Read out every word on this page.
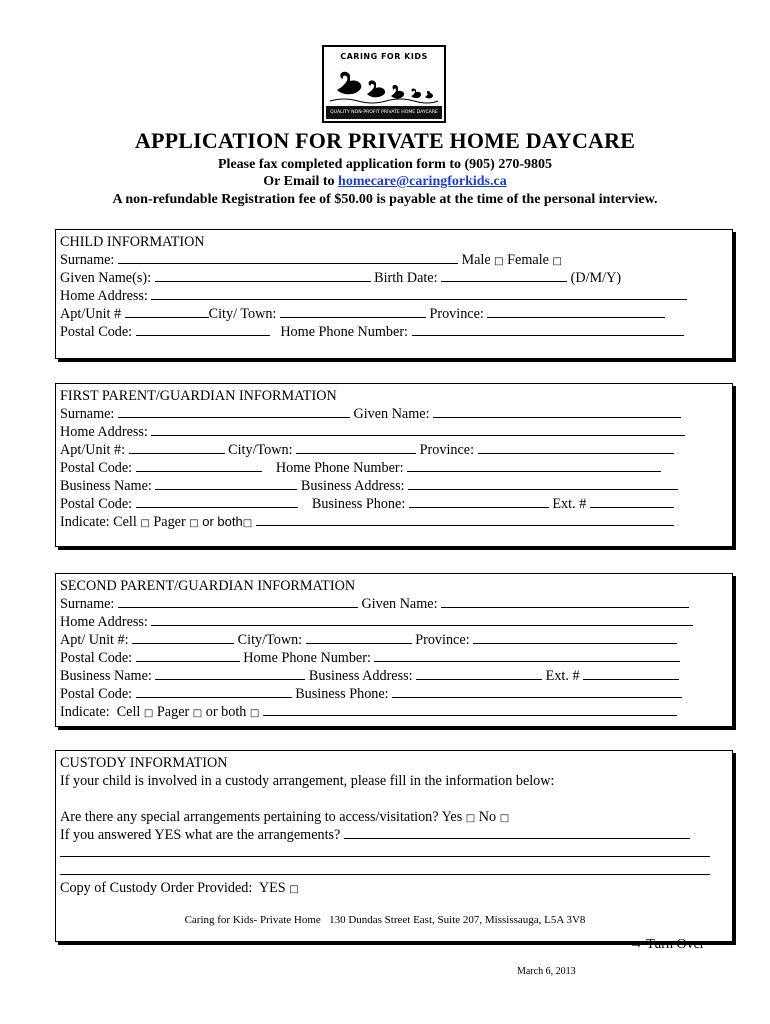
CARING FOR KIDS
QUALITY NON-PROFIT PRIVATE HOME DAYCARE
APPLICATION FOR PRIVATE HOME DAYCARE
Please fax completed application form to (905) 270-9805
Or Email to homecare@caringforkids.ca
A non-refundable Registration fee of $50.00 is payable at the time of the personal interview.
CHILD INFORMATION
Surname:	Male □ Female □
Given Name(s):	Birth Date:	(D/M/Y)
Home Address:
Apt/Unit #	City/ Town:	Province:
Postal Code:	Home Phone Number:
FIRST PARENT/GUARDIAN INFORMATION
Surname:	Given Name:
Home Address:
Apt/Unit #:	City/Town:	Province:
Postal Code:	Home Phone Number:
Business Name:	Business Address:
Postal Code:	Business Phone:	Ext. #
Indicate: Cell □ Pager □ or both□
SECOND PARENT/GUARDIAN INFORMATION
Surname:	Given Name:
Home Address:
Apt/ Unit #:	City/Town:	Province:
Postal Code:	Home Phone Number:
Business Name:	Business Address:	Ext. #
Postal Code:	Business Phone:
Indicate:  Cell □ Pager □ or both □
CUSTODY INFORMATION
If your child is involved in a custody arrangement, please fill in the information below:
Are there any special arrangements pertaining to access/visitation? Yes □ No □
If you answered YES what are the arrangements?
Copy of Custody Order Provided:  YES □
Caring for Kids- Private Home 130 Dundas Street East, Suite 207, Mississauga, L5A 3V8
→ Turn Over
March 6, 2013
